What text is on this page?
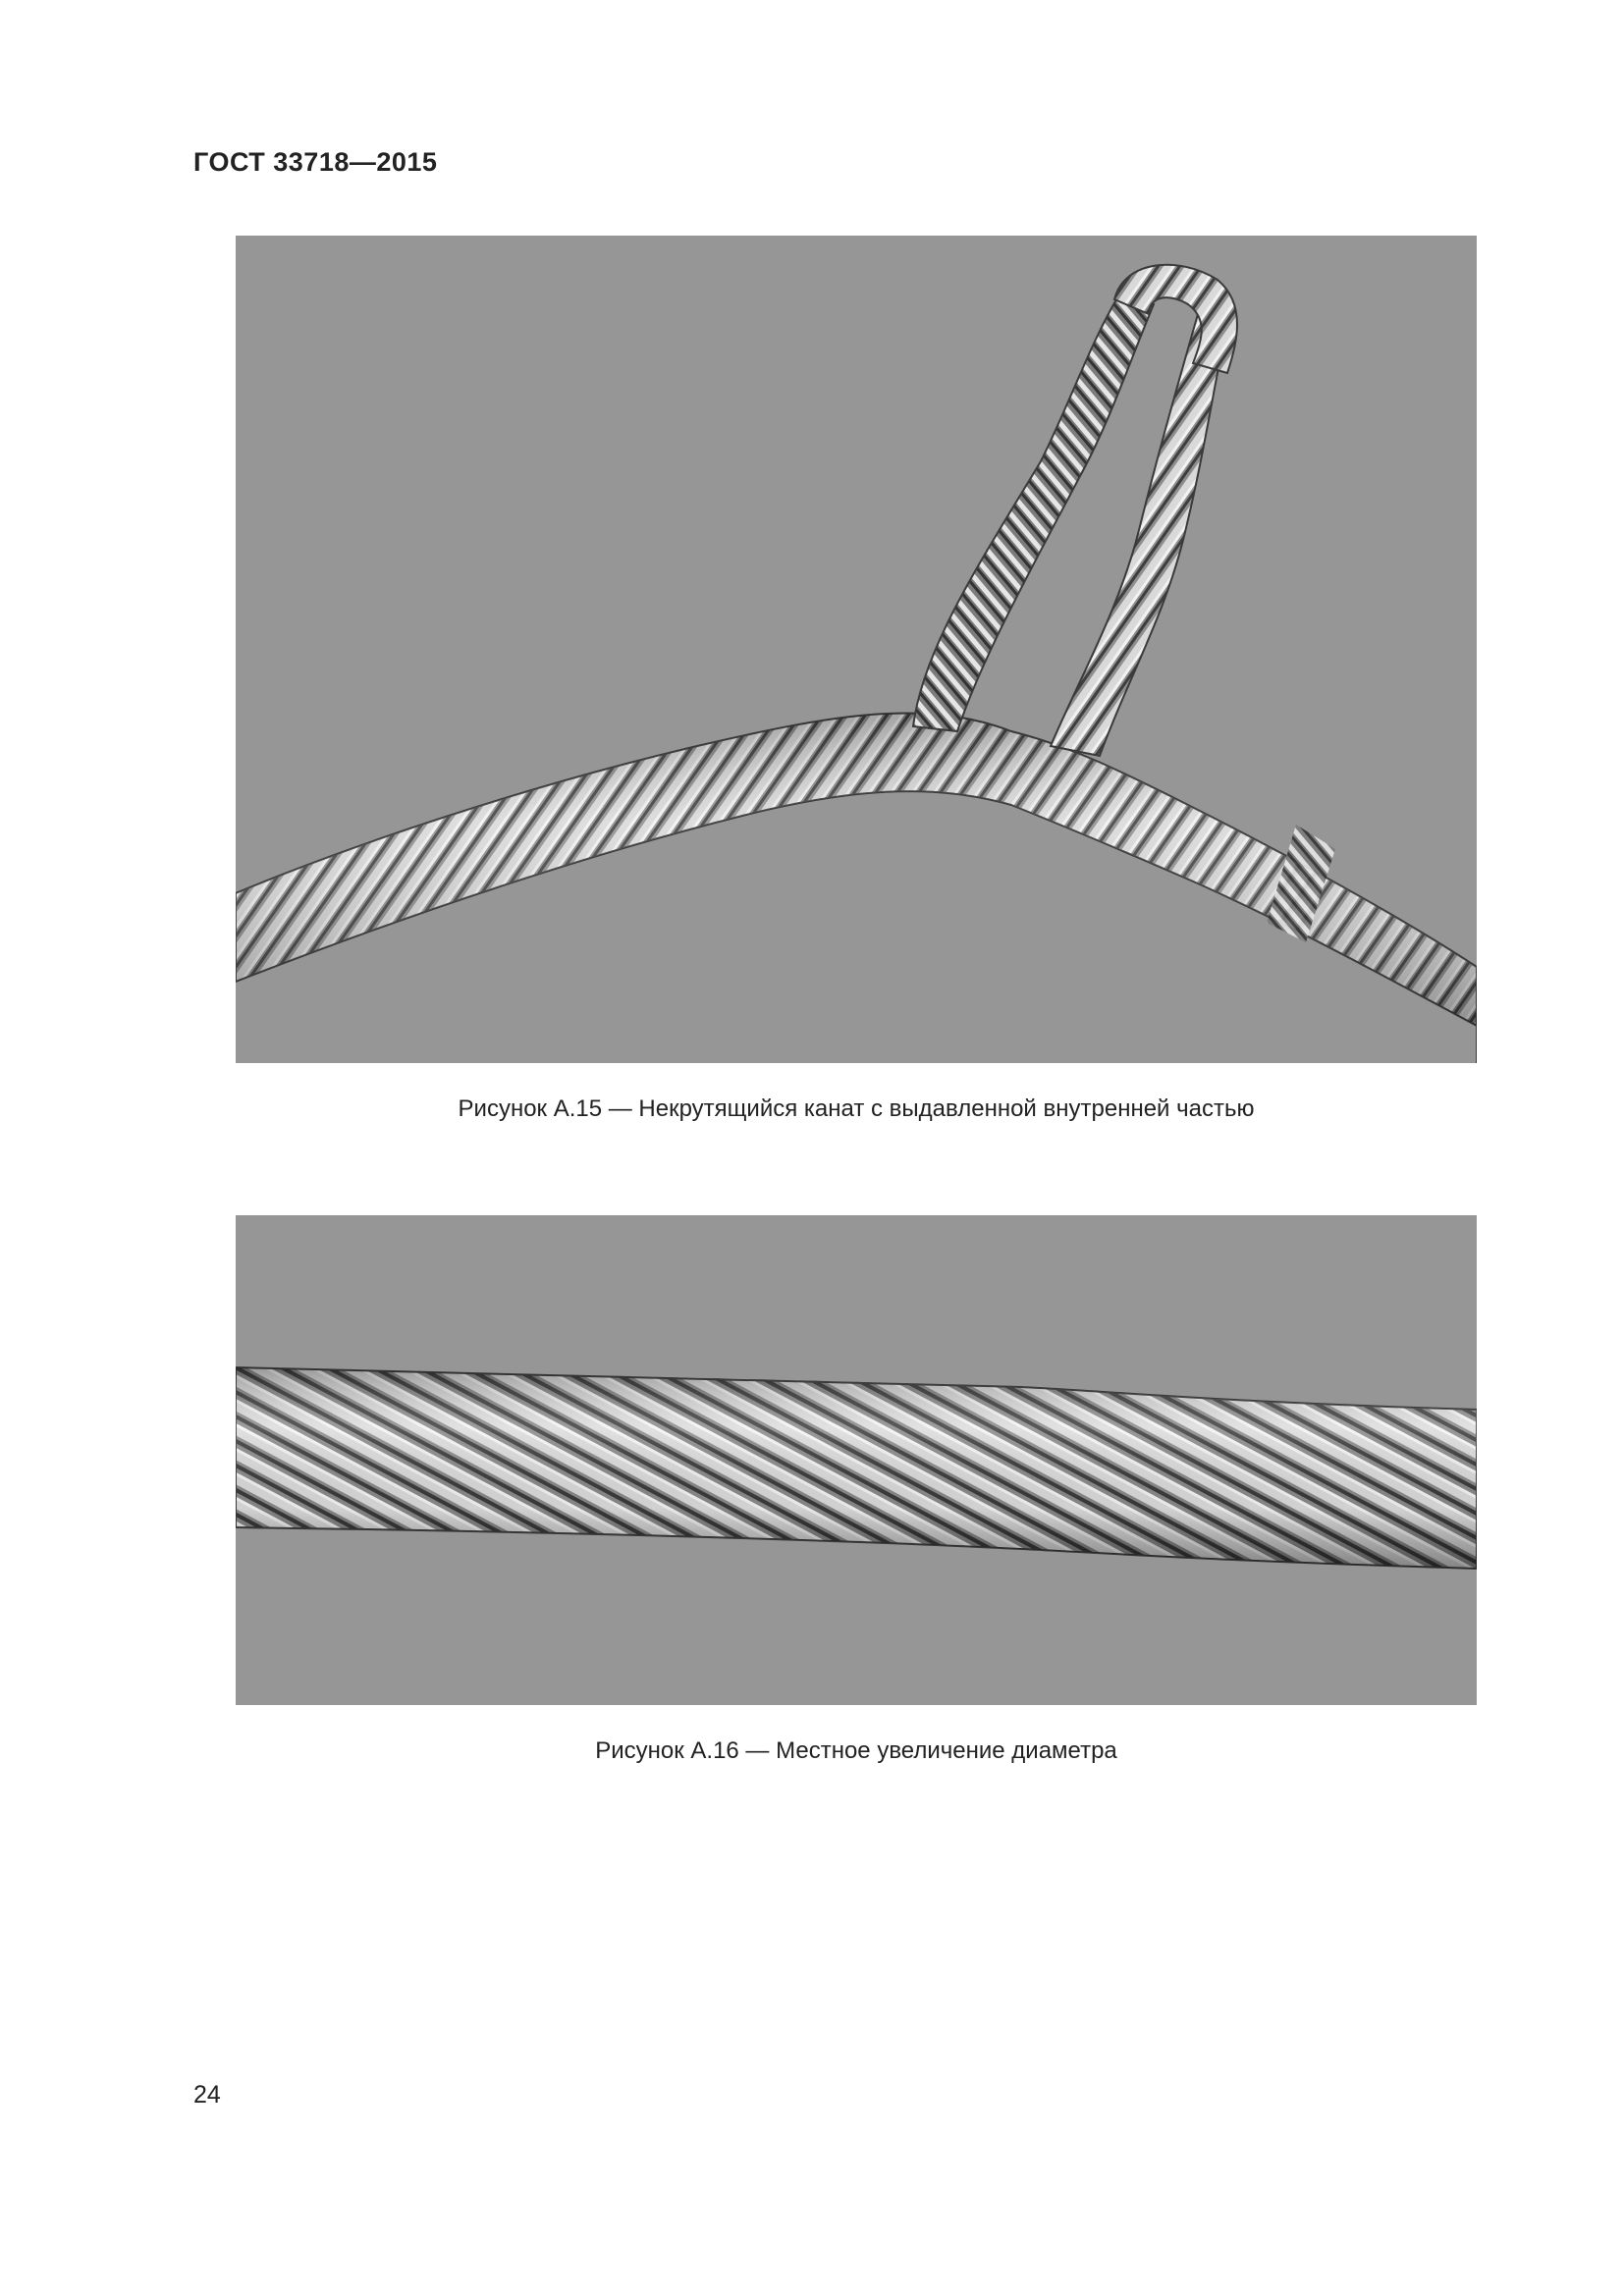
ГОСТ 33718—2015
Рисунок А.15 — Некрутящийся канат с выдавленной внутренней частью
Рисунок А.16 — Местное увеличение диаметра
24
